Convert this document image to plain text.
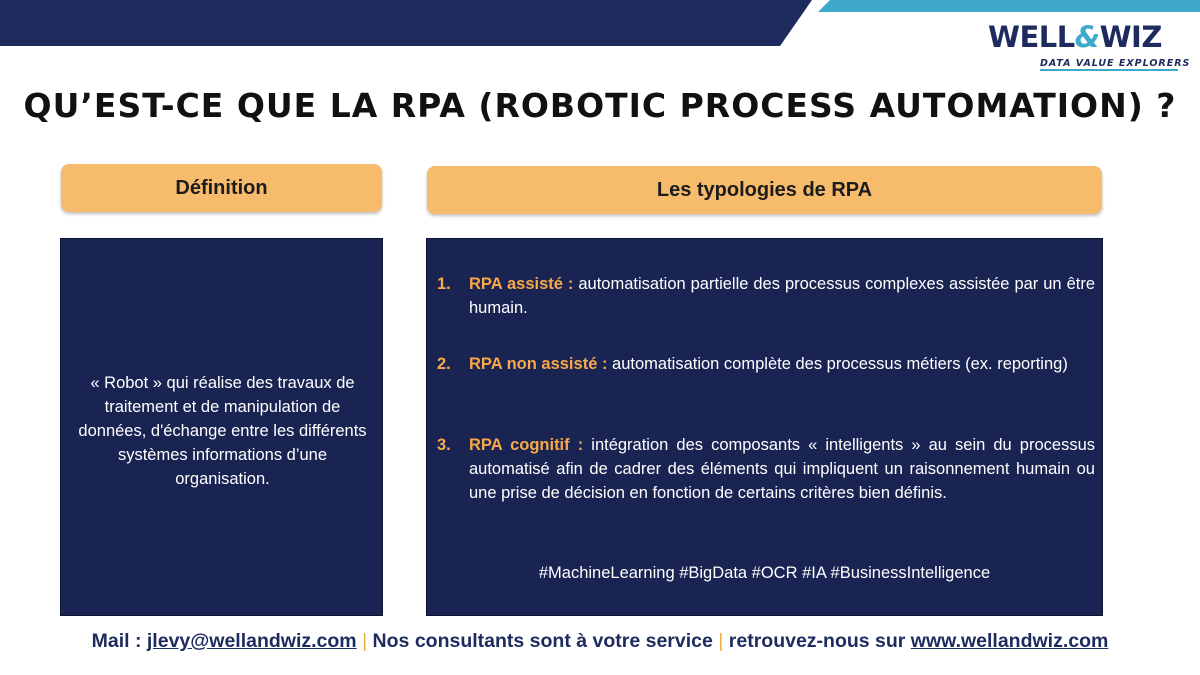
WELL&WIZ
DATA VALUE EXPLORERS
QU’EST-CE QUE LA RPA (ROBOTIC PROCESS AUTOMATION) ?
Définition	Les typologies de RPA
« Robot » qui réalise des travaux de traitement et de manipulation de données, d'échange entre les différents systèmes informations d’une organisation.
1. RPA assisté : automatisation partielle des processus complexes assistée par un être humain.
2. RPA non assisté : automatisation complète des processus métiers (ex. reporting)
3. RPA cognitif : intégration des composants « intelligents » au sein du processus automatisé afin de cadrer des éléments qui impliquent un raisonnement humain ou une prise de décision en fonction de certains critères bien définis.
#MachineLearning #BigData #OCR #IA #BusinessIntelligence
Mail : jlevy@wellandwiz.com | Nos consultants sont à votre service | retrouvez-nous sur www.wellandwiz.com
